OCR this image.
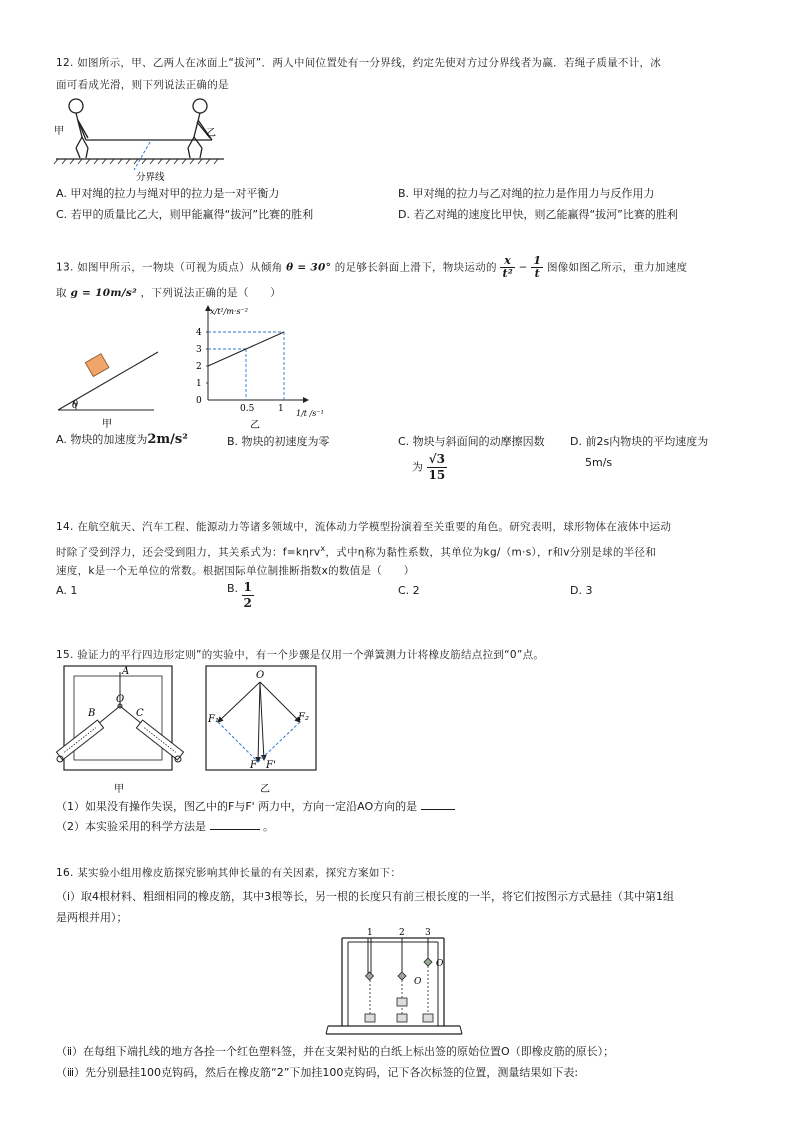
12. 如图所示，甲、乙两人在冰面上“拔河”．两人中间位置处有一分界线，约定先使对方过分界线者为赢．若绳子质量不计，冰
面可看成光滑，则下列说法正确的是
甲	乙
分界线
A. 甲对绳的拉力与绳对甲的拉力是一对平衡力	B. 甲对绳的拉力与乙对绳的拉力是作用力与反作用力
C. 若甲的质量比乙大，则甲能赢得“拔河”比赛的胜利	D. 若乙对绳的速度比甲快，则乙能赢得“拔河”比赛的胜利
13. 如图甲所示，一物块（可视为质点）从倾角 θ = 30° 的足够长斜面上滑下，物块运动的 $\frac{x}{\text{t²}} - \frac{1}{t}$ 图像如图乙所示，重力加速度
取 g = 10m/s² ，下列说法正确的是（　　）
θ
甲
x/t²/m·s⁻²
1/t /s⁻¹
4
3
2
1
0
0.5	1
乙
A. 物块的加速度为2m/s²	B. 物块的初速度为零	C. 物块与斜面间的动摩擦因数
为 $\frac{√3}{15}$
D. 前2s内物块的平均速度为
5m/s
14. 在航空航天、汽车工程、能源动力等诸多领域中，流体动力学模型扮演着至关重要的角色。研究表明，球形物体在液体中运动
时除了受到浮力，还会受到阻力，其关系式为：f=kηrv$^x$，式中η称为黏性系数，其单位为kg/（m·s），r和v分别是球的半径和
速度，k是一个无单位的常数。根据国际单位制推断指数x的数值是（　　）
A. 1	B. $\frac{1}{2}$	C. 2	D. 3
15. 验证力的平行四边形定则”的实验中，有一个步骤是仅用一个弹簧测力计将橡皮筋结点拉到“0”点。
A
O
B	C
甲
O
F₁	F₂
F F'
乙
（1）如果没有操作失误，图乙中的F与F' 两力中，方向一定沿AO方向的是
（2）本实验采用的科学方法是	。
16. 某实验小组用橡皮筋探究影响其伸长量的有关因素，探究方案如下：
（ⅰ）取4根材料、粗细相同的橡皮筋，其中3根等长，另一根的长度只有前三根长度的一半，将它们按图示方式悬挂（其中第1组
是两根并用）；
1	2 3
O
O
（ⅱ）在每组下端扎线的地方各拴一个红色塑料签，并在支架衬贴的白纸上标出签的原始位置O（即橡皮筋的原长）；
（ⅲ）先分别悬挂100克钩码，然后在橡皮筋“2”下加挂100克钩码，记下各次标签的位置，测量结果如下表:
